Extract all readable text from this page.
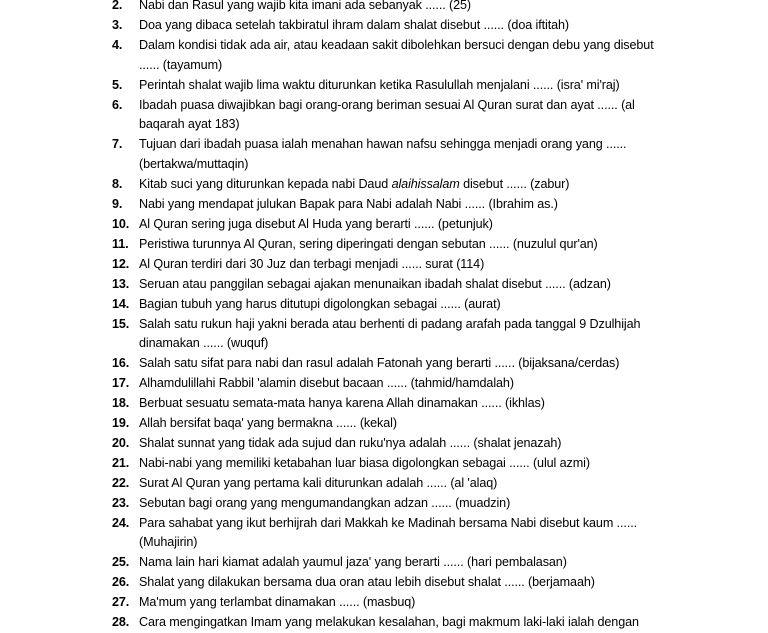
2.	Nabi dan Rasul yang wajib kita imani ada sebanyak ...... (25)
3.	Doa yang dibaca setelah takbiratul ihram dalam shalat disebut ...... (doa iftitah)
4.	Dalam kondisi tidak ada air, atau keadaan sakit dibolehkan bersuci dengan debu yang disebut ...... (tayamum)
5.	Perintah shalat wajib lima waktu diturunkan ketika Rasulullah menjalani ...... (isra' mi'raj)
6.	Ibadah puasa diwajibkan bagi orang-orang beriman sesuai Al Quran surat dan ayat ...... (al baqarah ayat 183)
7.	Tujuan dari ibadah puasa ialah menahan hawan nafsu sehingga menjadi orang yang ...... (bertakwa/muttaqin)
8.	Kitab suci yang diturunkan kepada nabi Daud alaihissalam disebut ...... (zabur)
9.	Nabi yang mendapat julukan Bapak para Nabi adalah Nabi ...... (Ibrahim as.)
10. Al Quran sering juga disebut Al Huda yang berarti ...... (petunjuk)
11. Peristiwa turunnya Al Quran, sering diperingati dengan sebutan ...... (nuzulul qur'an)
12. Al Quran terdiri dari 30 Juz dan terbagi menjadi ...... surat (114)
13. Seruan atau panggilan sebagai ajakan menunaikan ibadah shalat disebut ...... (adzan)
14. Bagian tubuh yang harus ditutupi digolongkan sebagai ...... (aurat)
15. Salah satu rukun haji yakni berada atau berhenti di padang arafah pada tanggal 9 Dzulhijah dinamakan ...... (wuquf)
16. Salah satu sifat para nabi dan rasul adalah Fatonah yang berarti ...... (bijaksana/cerdas)
17. Alhamdulillahi Rabbil 'alamin disebut bacaan ...... (tahmid/hamdalah)
18. Berbuat sesuatu semata-mata hanya karena Allah dinamakan ...... (ikhlas)
19. Allah bersifat baqa' yang bermakna ...... (kekal)
20. Shalat sunnat yang tidak ada sujud dan ruku'nya adalah ...... (shalat jenazah)
21. Nabi-nabi yang memiliki ketabahan luar biasa digolongkan sebagai ...... (ulul azmi)
22. Surat Al Quran yang pertama kali diturunkan adalah ...... (al 'alaq)
23. Sebutan bagi orang yang mengumandangkan adzan ...... (muadzin)
24. Para sahabat yang ikut berhijrah dari Makkah ke Madinah bersama Nabi disebut kaum ...... (Muhajirin)
25. Nama lain hari kiamat adalah yaumul jaza' yang berarti ...... (hari pembalasan)
26. Shalat yang dilakukan bersama dua oran atau lebih disebut shalat ...... (berjamaah)
27. Ma'mum yang terlambat dinamakan ...... (masbuq)
28. Cara mengingatkan Imam yang melakukan kesalahan, bagi makmum laki-laki ialah dengan
